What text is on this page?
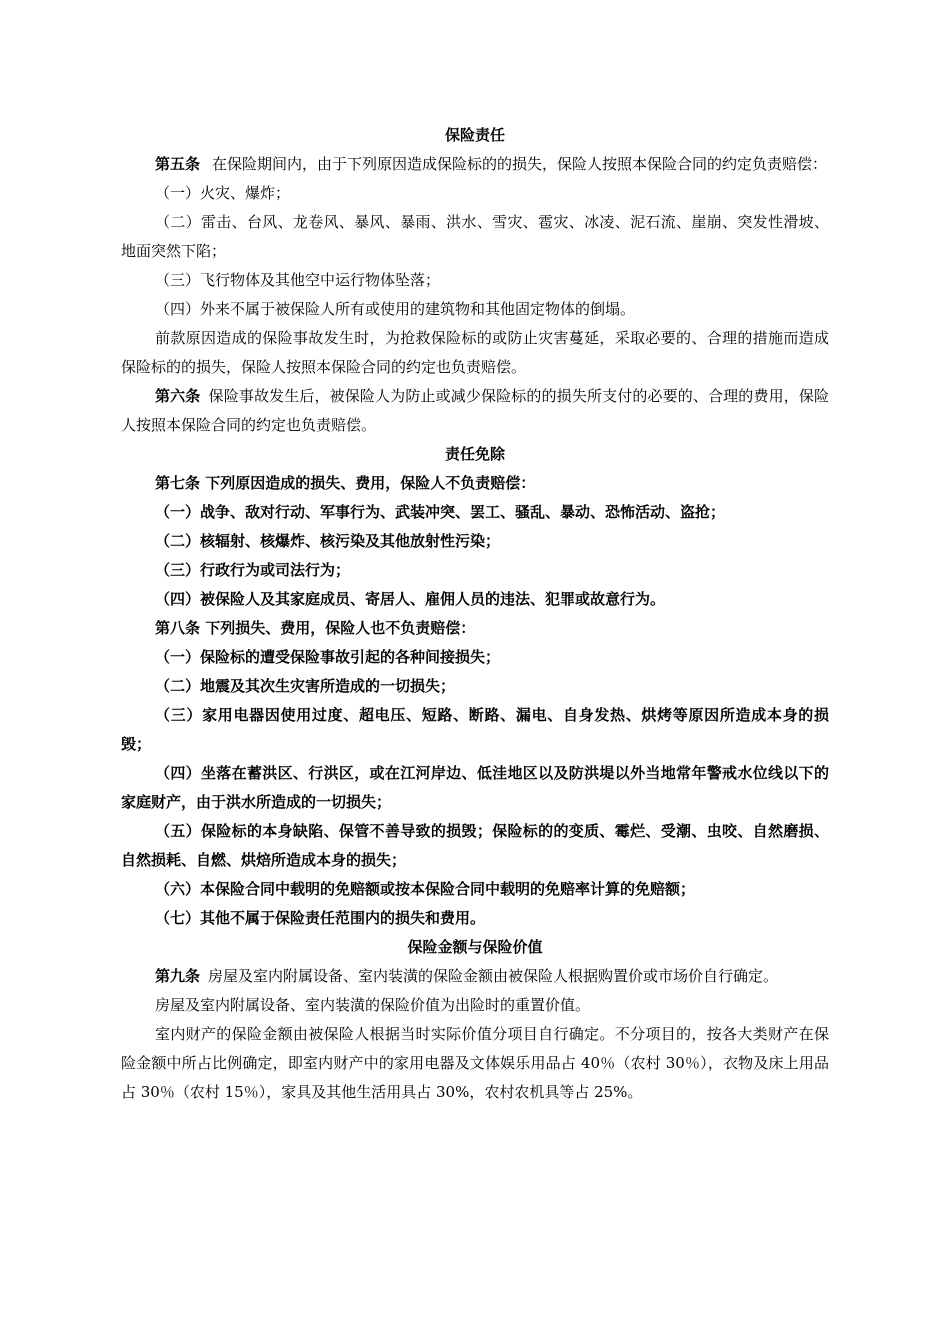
保险责任

第五条 在保险期间内，由于下列原因造成保险标的的损失，保险人按照本保险合同的约定负责赔偿：

（一）火灾、爆炸；

（二）雷击、台风、龙卷风、暴风、暴雨、洪水、雪灾、雹灾、冰凌、泥石流、崖崩、突发性滑坡、地面突然下陷；

（三）飞行物体及其他空中运行物体坠落；

（四）外来不属于被保险人所有或使用的建筑物和其他固定物体的倒塌。

前款原因造成的保险事故发生时，为抢救保险标的或防止灾害蔓延，采取必要的、合理的措施而造成保险标的的损失，保险人按照本保险合同的约定也负责赔偿。

第六条 保险事故发生后，被保险人为防止或减少保险标的的损失所支付的必要的、合理的费用，保险人按照本保险合同的约定也负责赔偿。

责任免除

第七条 下列原因造成的损失、费用，保险人不负责赔偿：

（一）战争、敌对行动、军事行为、武装冲突、罢工、骚乱、暴动、恐怖活动、盗抢；

（二）核辐射、核爆炸、核污染及其他放射性污染；

（三）行政行为或司法行为；

（四）被保险人及其家庭成员、寄居人、雇佣人员的违法、犯罪或故意行为。

第八条 下列损失、费用，保险人也不负责赔偿：

（一）保险标的遭受保险事故引起的各种间接损失；

（二）地震及其次生灾害所造成的一切损失；

（三）家用电器因使用过度、超电压、短路、断路、漏电、自身发热、烘烤等原因所造成本身的损毁；

（四）坐落在蓄洪区、行洪区，或在江河岸边、低洼地区以及防洪堤以外当地常年警戒水位线以下的家庭财产，由于洪水所造成的一切损失；

（五）保险标的本身缺陷、保管不善导致的损毁；保险标的的变质、霉烂、受潮、虫咬、自然磨损、自然损耗、自燃、烘焙所造成本身的损失；

（六）本保险合同中载明的免赔额或按本保险合同中载明的免赔率计算的免赔额；

（七）其他不属于保险责任范围内的损失和费用。

保险金额与保险价值

第九条 房屋及室内附属设备、室内装潢的保险金额由被保险人根据购置价或市场价自行确定。

房屋及室内附属设备、室内装潢的保险价值为出险时的重置价值。

室内财产的保险金额由被保险人根据当时实际价值分项目自行确定。不分项目的，按各大类财产在保险金额中所占比例确定，即室内财产中的家用电器及文体娱乐用品占 40％（农村 30％），衣物及床上用品占 30％（农村 15％），家具及其他生活用具占 30%，农村农机具等占 25%。
